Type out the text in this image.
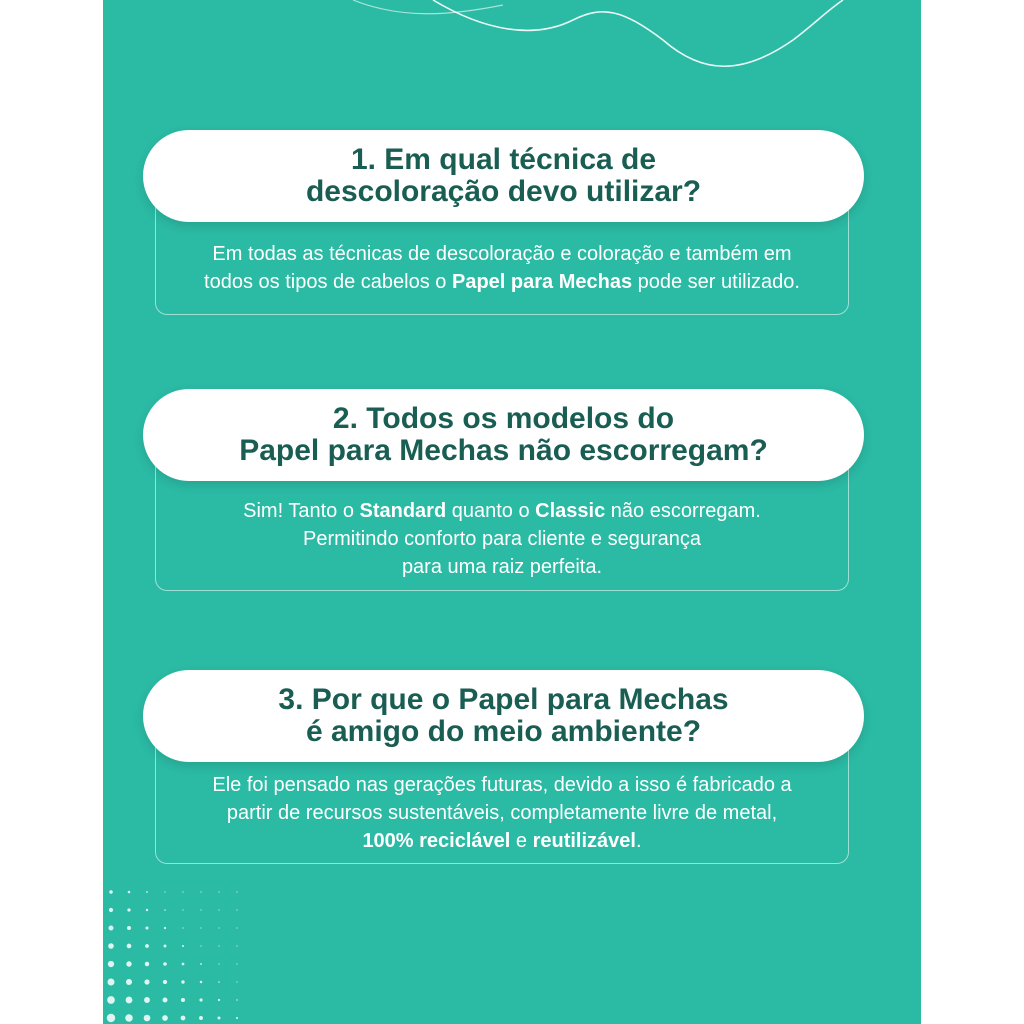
1. Em qual técnica de
descoloração devo utilizar?
Em todas as técnicas de descoloração e coloração e também em
todos os tipos de cabelos o Papel para Mechas pode ser utilizado.
2. Todos os modelos do
Papel para Mechas não escorregam?
Sim! Tanto o Standard quanto o Classic não escorregam.
Permitindo conforto para cliente e segurança
para uma raiz perfeita.
3. Por que o Papel para Mechas
é amigo do meio ambiente?
Ele foi pensado nas gerações futuras, devido a isso é fabricado a
partir de recursos sustentáveis, completamente livre de metal,
100% reciclável e reutilizável.
